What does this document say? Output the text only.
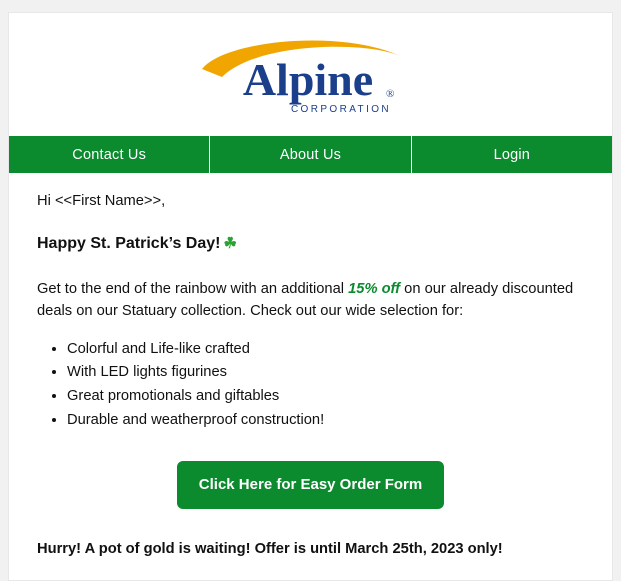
Alpine ®
CORPORATION
Contact Us	About Us	Login

Hi <<First Name>>,

Happy St. Patrick’s Day! ☘

Get to the end of the rainbow with an additional 15% off on our already discounted deals on our Statuary collection. Check out our wide selection for:

• Colorful and Life-like crafted
• With LED lights figurines
• Great promotionals and giftables
• Durable and weatherproof construction!
Click Here for Easy Order Form

Hurry! A pot of gold is waiting! Offer is until March 25th, 2023 only!
